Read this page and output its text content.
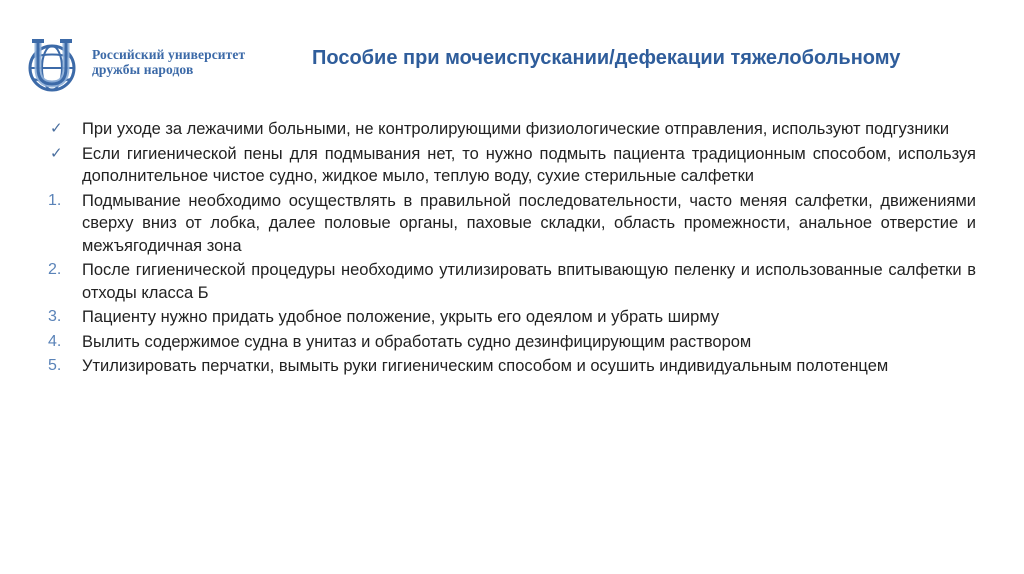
Российский университет
дружбы народов
Пособие при мочеиспускании/дефекации тяжелобольному
✓ При уходе за лежачими больными, не контролирующими физиологические отправления, используют подгузники
✓ Если гигиенической пены для подмывания нет, то нужно подмыть пациента традиционным способом, используя дополнительное чистое судно, жидкое мыло, теплую воду, сухие стерильные салфетки
1. Подмывание необходимо осуществлять в правильной последовательности, часто меняя салфетки, движениями сверху вниз от лобка, далее половые органы, паховые складки, область промежности, анальное отверстие и межъягодичная зона
2. После гигиенической процедуры необходимо утилизировать впитывающую пеленку и использованные салфетки в отходы класса Б
3. Пациенту нужно придать удобное положение, укрыть его одеялом и убрать ширму
4. Вылить содержимое судна в унитаз и обработать судно дезинфицирующим раствором
5. Утилизировать перчатки, вымыть руки гигиеническим способом и осушить индивидуальным полотенцем
